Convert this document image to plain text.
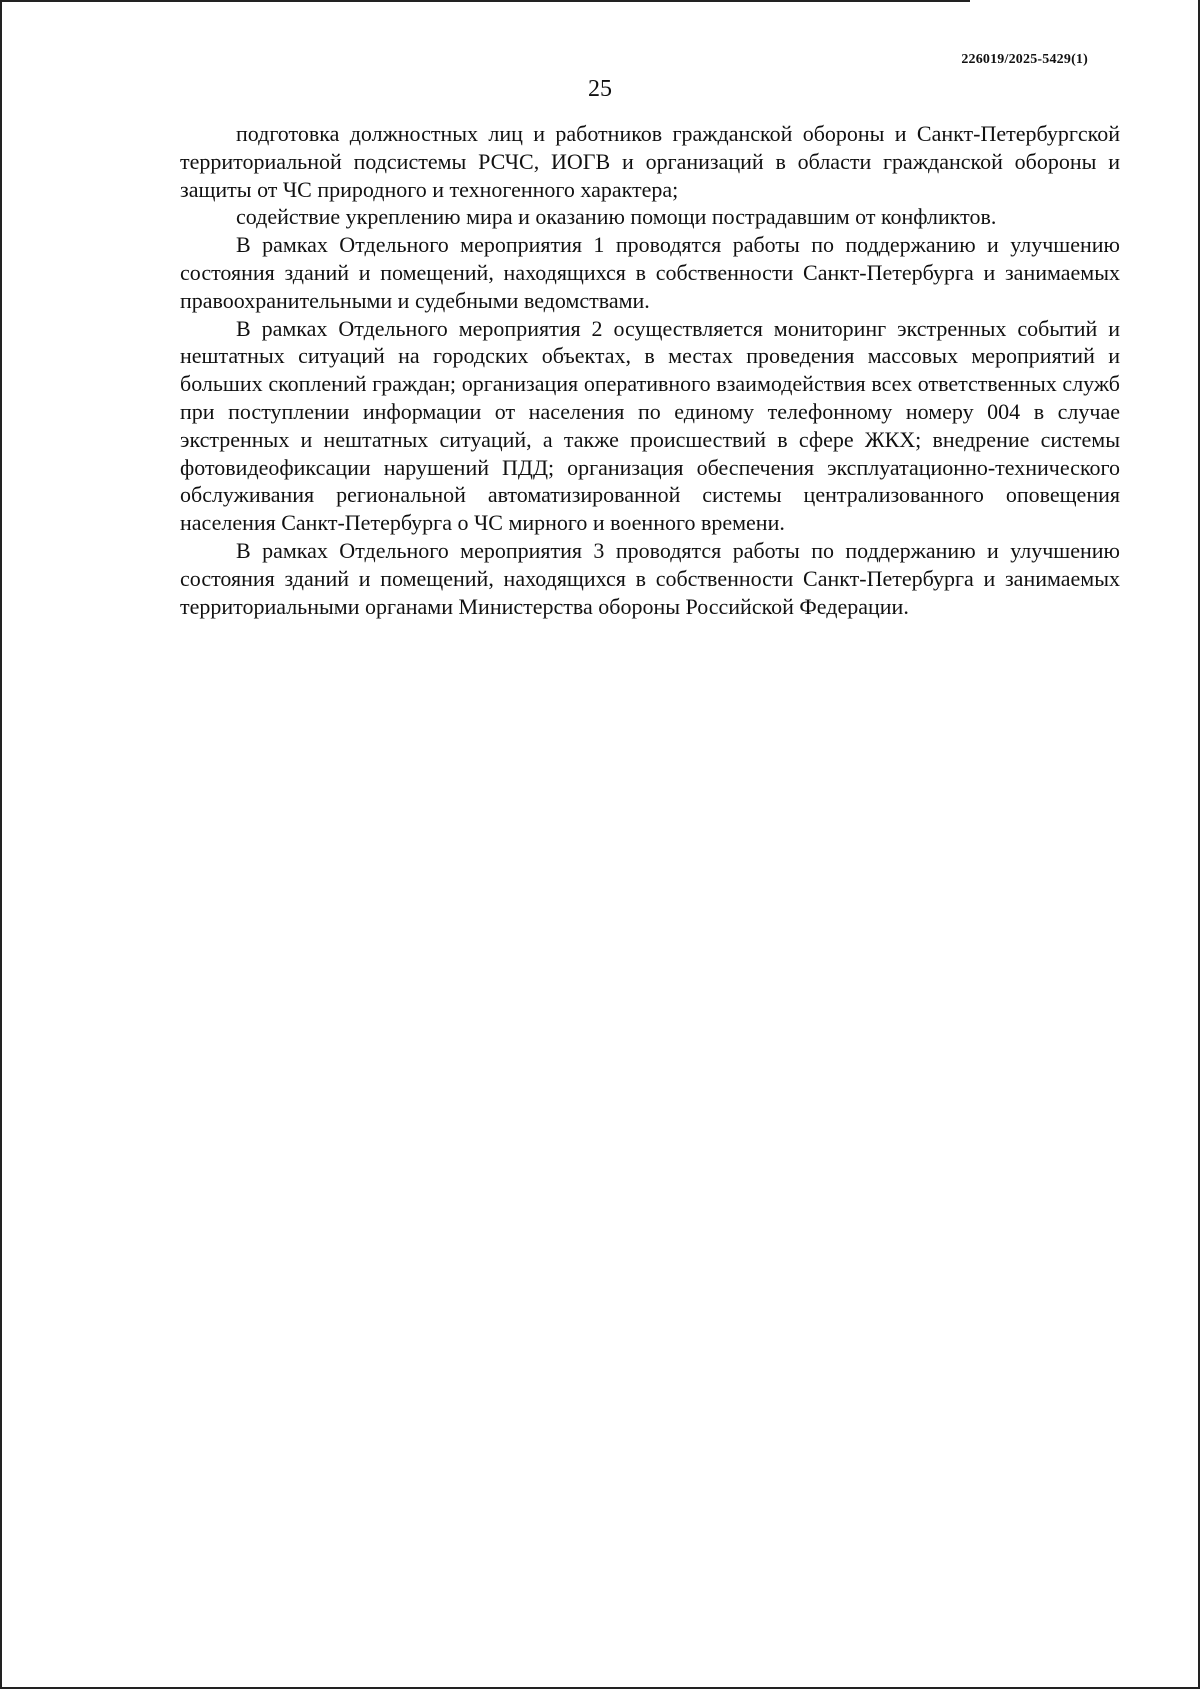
226019/2025-5429(1)
25

подготовка должностных лиц и работников гражданской обороны и Санкт-Петербургской территориальной подсистемы РСЧС, ИОГВ и организаций в области гражданской обороны и защиты от ЧС природного и техногенного характера;

содействие укреплению мира и оказанию помощи пострадавшим от конфликтов.

В рамках Отдельного мероприятия 1 проводятся работы по поддержанию и улучшению состояния зданий и помещений, находящихся в собственности Санкт-Петербурга и занимаемых правоохранительными и судебными ведомствами.

В рамках Отдельного мероприятия 2 осуществляется мониторинг экстренных событий и нештатных ситуаций на городских объектах, в местах проведения массовых мероприятий и больших скоплений граждан; организация оперативного взаимодействия всех ответственных служб при поступлении информации от населения по единому телефонному номеру 004 в случае экстренных и нештатных ситуаций, а также происшествий в сфере ЖКХ; внедрение системы фотовидеофиксации нарушений ПДД; организация обеспечения эксплуатационно-технического обслуживания региональной автоматизированной системы централизованного оповещения населения Санкт-Петербурга о ЧС мирного и военного времени.

В рамках Отдельного мероприятия 3 проводятся работы по поддержанию и улучшению состояния зданий и помещений, находящихся в собственности Санкт-Петербурга и занимаемых территориальными органами Министерства обороны Российской Федерации.
